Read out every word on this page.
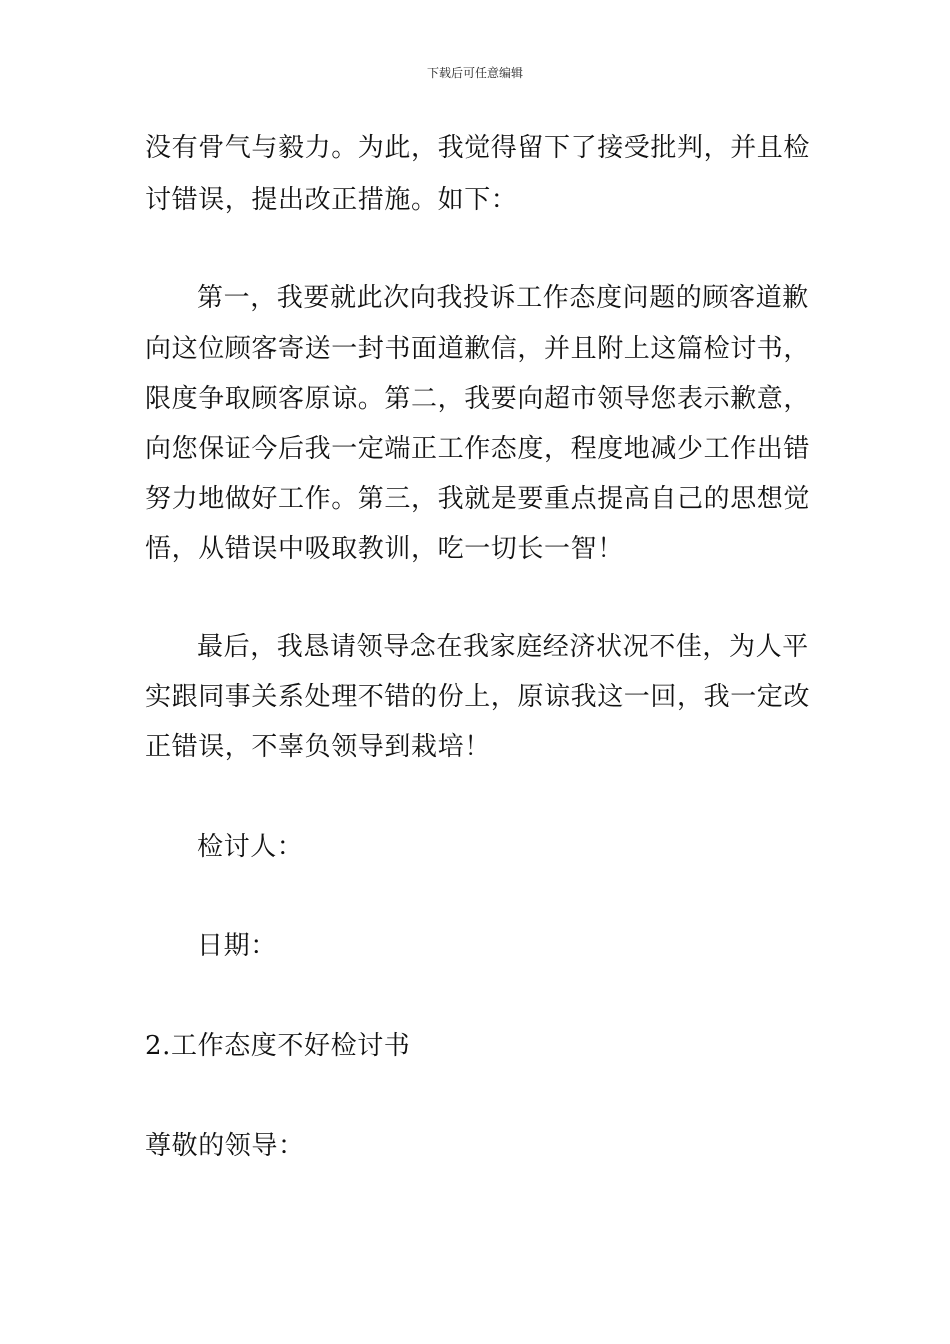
下载后可任意编辑
没有骨气与毅力。为此，我觉得留下了接受批判，并且检
讨错误，提出改正措施。如下：
第一，我要就此次向我投诉工作态度问题的顾客道歉
向这位顾客寄送一封书面道歉信，并且附上这篇检讨书，
限度争取顾客原谅。第二，我要向超市领导您表示歉意，
向您保证今后我一定端正工作态度，程度地减少工作出错
努力地做好工作。第三，我就是要重点提高自己的思想觉
悟，从错误中吸取教训，吃一切长一智！
最后，我恳请领导念在我家庭经济状况不佳，为人平
实跟同事关系处理不错的份上，原谅我这一回，我一定改
正错误，不辜负领导到栽培！
检讨人：
日期：
2.工作态度不好检讨书
尊敬的领导：
